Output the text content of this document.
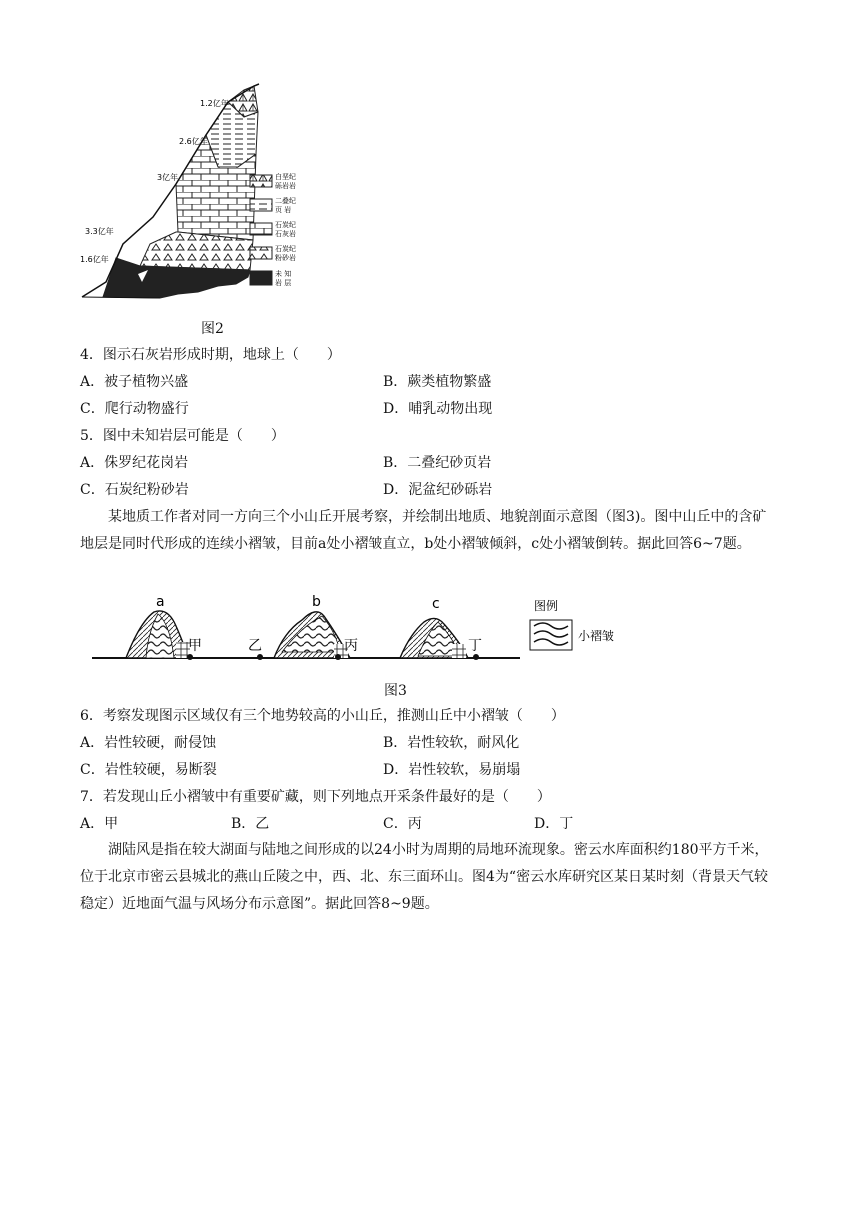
1.2亿年
2.6亿年
3亿年
3.3亿年
1.6亿年
白垩纪
砾岩岩
二叠纪
页 岩
石炭纪
石灰岩
石炭纪
粉砂岩
未 知
岩 层
图2
4．图示石灰岩形成时期，地球上（　　）
A．被子植物兴盛	B．蕨类植物繁盛
C．爬行动物盛行	D．哺乳动物出现
5．图中未知岩层可能是（　　）
A．侏罗纪花岗岩	B．二叠纪砂页岩
C．石炭纪粉砂岩	D．泥盆纪砂砾岩
某地质工作者对同一方向三个小山丘开展考察，并绘制出地质、地貌剖面示意图（图3)。图中山丘中的含矿地层是同时代形成的连续小褶皱，目前a处小褶皱直立，b处小褶皱倾斜，c处小褶皱倒转。据此回答6~7题。
a	b	c
甲	乙	丙	丁
图例
小褶皱
图3
6．考察发现图示区域仅有三个地势较高的小山丘，推测山丘中小褶皱（　　）
A．岩性较硬，耐侵蚀	B．岩性较软，耐风化
C．岩性较硬，易断裂	D．岩性较软，易崩塌
7．若发现山丘小褶皱中有重要矿藏，则下列地点开采条件最好的是（　　）
A．甲	B．乙	C．丙	D．丁
湖陆风是指在较大湖面与陆地之间形成的以24小时为周期的局地环流现象。密云水库面积约180平方千米，位于北京市密云县城北的燕山丘陵之中，西、北、东三面环山。图4为“密云水库研究区某日某时刻（背景天气较稳定）近地面气温与风场分布示意图”。据此回答8~9题。
